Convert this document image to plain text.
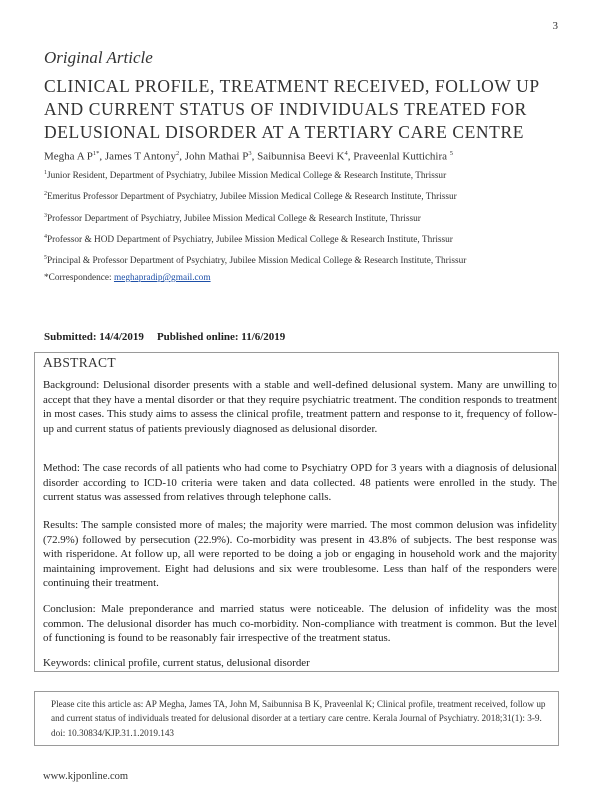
3
Original Article
CLINICAL PROFILE, TREATMENT RECEIVED, FOLLOW UP AND CURRENT STATUS OF INDIVIDUALS TREATED FOR DELUSIONAL DISORDER AT A TERTIARY CARE CENTRE
Megha A $P^{1*}$, James T Antony$^2$, John Mathai $P^3$, Saibunnisa Beevi $K^4$, Praveenlal Kuttichira $^5$
$^1$Junior Resident, Department of Psychiatry, Jubilee Mission Medical College & Research Institute, Thrissur
$^2$Emeritus Professor Department of Psychiatry, Jubilee Mission Medical College & Research Institute, Thrissur
$^3$Professor Department of Psychiatry, Jubilee Mission Medical College & Research Institute, Thrissur
$^4$Professor & HOD Department of Psychiatry, Jubilee Mission Medical College & Research Institute, Thrissur
$^5$Principal & Professor Department of Psychiatry, Jubilee Mission Medical College & Research Institute, Thrissur
*Correspondence: meghapradip@gmail.com
Submitted: 14/4/2019 Published online: 11/6/2019
ABSTRACT
Background: Delusional disorder presents with a stable and well-defined delusional system. Many are unwilling to accept that they have a mental disorder or that they require psychiatric treatment. The condition responds to treatment in most cases. This study aims to assess the clinical profile, treatment pattern and response to it, frequency of follow-up and current status of patients previously diagnosed as delusional disorder.
Method: The case records of all patients who had come to Psychiatry OPD for 3 years with a diagnosis of delusional disorder according to ICD-10 criteria were taken and data collected. 48 patients were enrolled in the study. The current status was assessed from relatives through telephone calls.
Results: The sample consisted more of males; the majority were married. The most common delusion was infidelity (72.9%) followed by persecution (22.9%). Co-morbidity was present in 43.8% of subjects. The best response was with risperidone. At follow up, all were reported to be doing a job or engaging in household work and the majority maintaining improvement. Eight had delusions and six were troublesome. Less than half of the responders were continuing their treatment.
Conclusion: Male preponderance and married status were noticeable. The delusion of infidelity was the most common. The delusional disorder has much co-morbidity. Non-compliance with treatment is common. But the level of functioning is found to be reasonably fair irrespective of the treatment status.
Keywords: clinical profile, current status, delusional disorder
Please cite this article as: AP Megha, James TA, John M, Saibunnisa B K, Praveenlal K; Clinical profile, treatment received, follow up and current status of individuals treated for delusional disorder at a tertiary care centre. Kerala Journal of Psychiatry. 2018;31(1): 3-9. doi: 10.30834/KJP.31.1.2019.143
www.kjponline.com
